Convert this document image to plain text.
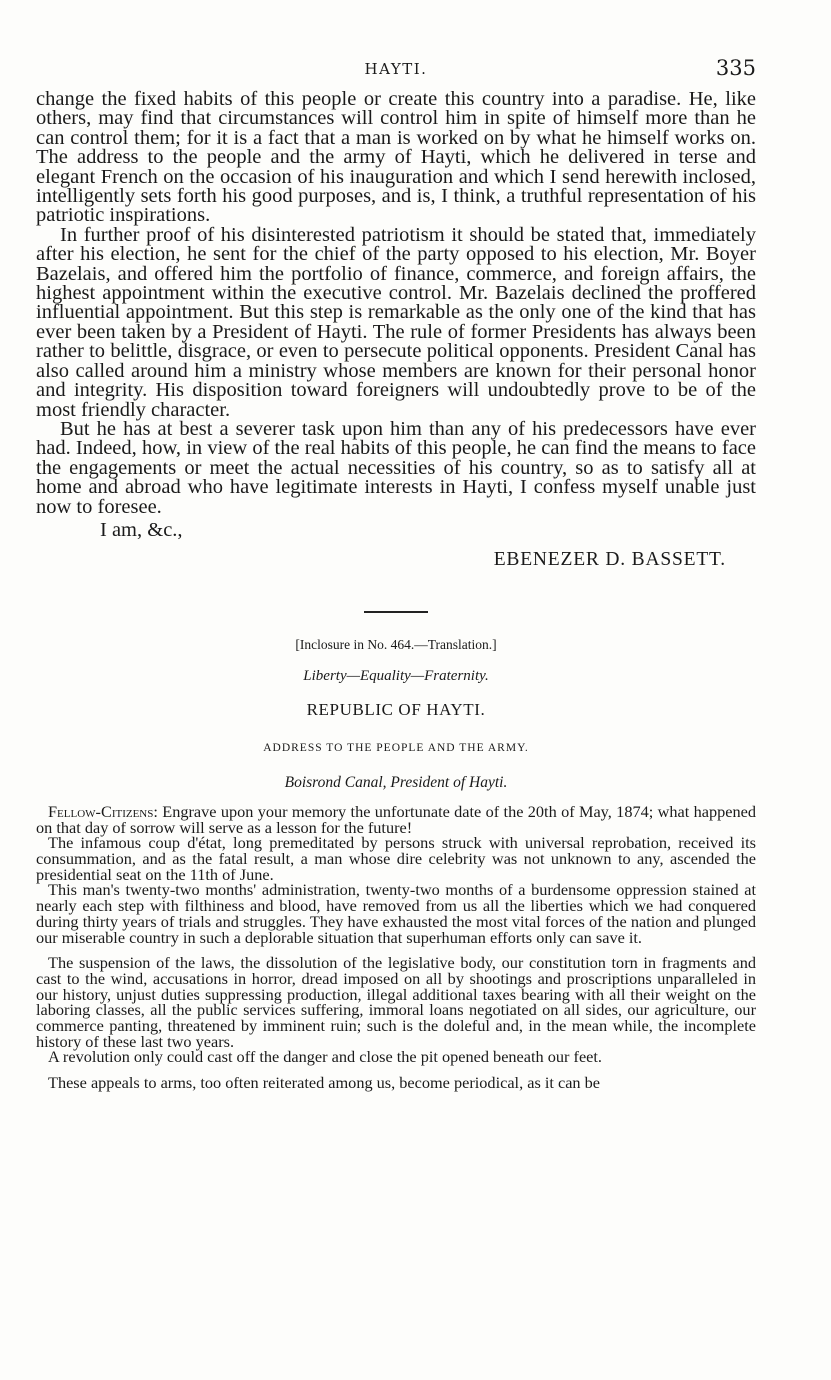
HAYTI.	335

change the fixed habits of this people or create this country into a paradise. He, like others, may find that circumstances will control him in spite of himself more than he can control them; for it is a fact that a man is worked on by what he himself works on. The address to the people and the army of Hayti, which he delivered in terse and elegant French on the occasion of his inauguration and which I send herewith inclosed, intelligently sets forth his good purposes, and is, I think, a truthful representation of his patriotic inspirations.

In further proof of his disinterested patriotism it should be stated that, immediately after his election, he sent for the chief of the party opposed to his election, Mr. Boyer Bazelais, and offered him the portfolio of finance, commerce, and foreign affairs, the highest appointment within the executive control. Mr. Bazelais declined the proffered influential appointment. But this step is remarkable as the only one of the kind that has ever been taken by a President of Hayti. The rule of former Presidents has always been rather to belittle, disgrace, or even to persecute political opponents. President Canal has also called around him a ministry whose members are known for their personal honor and integrity. His disposition toward foreigners will undoubtedly prove to be of the most friendly character.

But he has at best a severer task upon him than any of his predecessors have ever had. Indeed, how, in view of the real habits of this people, he can find the means to face the engagements or meet the actual necessities of his country, so as to satisfy all at home and abroad who have legitimate interests in Hayti, I confess myself unable just now to foresee.

I am, &c.,
EBENEZER D. BASSETT.
[Inclosure in No. 464.—Translation.]
Liberty—Equality—Fraternity.
REPUBLIC OF HAYTI.
ADDRESS TO THE PEOPLE AND THE ARMY.
Boisrond Canal, President of Hayti.

Fellow-Citizens: Engrave upon your memory the unfortunate date of the 20th of May, 1874; what happened on that day of sorrow will serve as a lesson for the future!

The infamous coup d'état, long premeditated by persons struck with universal reprobation, received its consummation, and as the fatal result, a man whose dire celebrity was not unknown to any, ascended the presidential seat on the 11th of June.

This man's twenty-two months' administration, twenty-two months of a burdensome oppression stained at nearly each step with filthiness and blood, have removed from us all the liberties which we had conquered during thirty years of trials and struggles. They have exhausted the most vital forces of the nation and plunged our miserable country in such a deplorable situation that superhuman efforts only can save it.

The suspension of the laws, the dissolution of the legislative body, our constitution torn in fragments and cast to the wind, accusations in horror, dread imposed on all by shootings and proscriptions unparalleled in our history, unjust duties suppressing production, illegal additional taxes bearing with all their weight on the laboring classes, all the public services suffering, immoral loans negotiated on all sides, our agriculture, our commerce panting, threatened by imminent ruin; such is the doleful and, in the mean while, the incomplete history of these last two years.

A revolution only could cast off the danger and close the pit opened beneath our feet.

These appeals to arms, too often reiterated among us, become periodical, as it can be
